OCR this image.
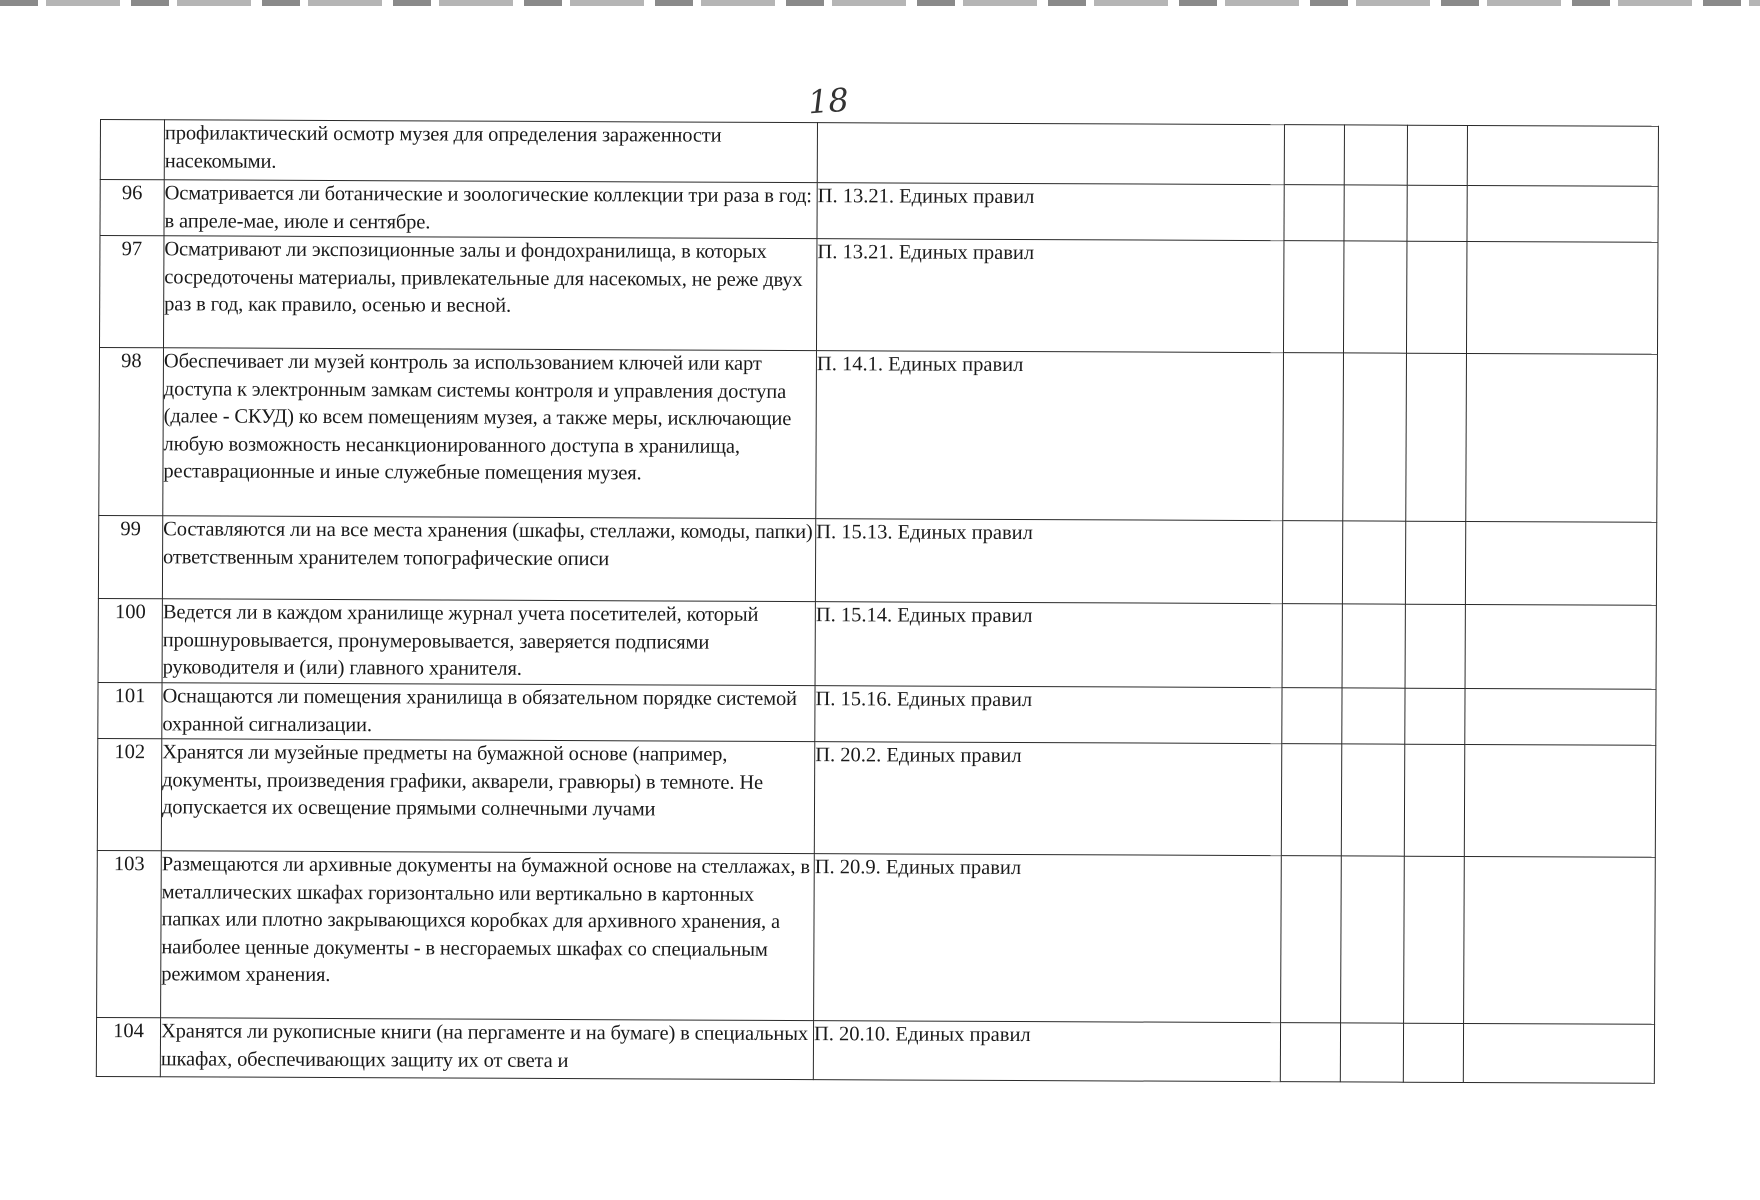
18
	профилактический осмотр музея для определения зараженности насекомыми.					
96	Осматривается ли ботанические и зоологические коллекции три раза в год: в апреле-мае, июле и сентябре.	П. 13.21. Единых правил				
97	Осматривают ли экспозиционные залы и фондохранилища, в которых сосредоточены материалы, привлекательные для насекомых, не реже двух раз в год, как правило, осенью и весной.	П. 13.21. Единых правил				
98	Обеспечивает ли музей контроль за использованием ключей или карт доступа к электронным замкам системы контроля и управления доступа (далее - СКУД) ко всем помещениям музея, а также меры, исключающие любую возможность несанкционированного доступа в хранилища, реставрационные и иные служебные помещения музея.	П. 14.1. Единых правил				
99	Составляются ли на все места хранения (шкафы, стеллажи, комоды, папки) ответственным хранителем топографические описи	П. 15.13. Единых правил				
100	Ведется ли в каждом хранилище журнал учета посетителей, который прошнуровывается, пронумеровывается, заверяется подписями руководителя и (или) главного хранителя.	П. 15.14. Единых правил				
101	Оснащаются ли помещения хранилища в обязательном порядке системой охранной сигнализации.	П. 15.16. Единых правил				
102	Хранятся ли музейные предметы на бумажной основе (например, документы, произведения графики, акварели, гравюры) в темноте. Не допускается их освещение прямыми солнечными лучами	П. 20.2. Единых правил				
103	Размещаются ли архивные документы на бумажной основе на стеллажах, в металлических шкафах горизонтально или вертикально в картонных папках или плотно закрывающихся коробках для архивного хранения, а наиболее ценные документы - в несгораемых шкафах со специальным режимом хранения.	П. 20.9. Единых правил				
104	Хранятся ли рукописные книги (на пергаменте и на бумаге) в специальных шкафах, обеспечивающих защиту их от света и	П. 20.10. Единых правил				
